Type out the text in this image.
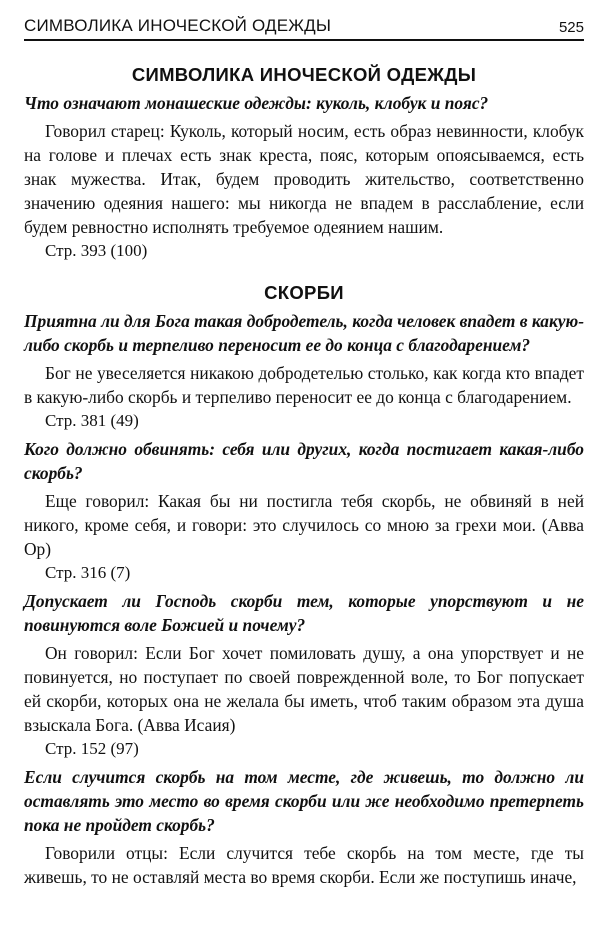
СИМВОЛИКА ИНОЧЕСКОЙ ОДЕЖДЫ	525
СИМВОЛИКА ИНОЧЕСКОЙ ОДЕЖДЫ

Что означают монашеские одежды: куколь, клобук и пояс?

Говорил старец: Куколь, который носим, есть образ невинности, клобук на голове и плечах есть знак креста, пояс, которым опоясываемся, есть знак мужества. Итак, будем проводить жительство, соответственно значению одеяния нашего: мы никогда не впадем в расслабление, если будем ревностно исполнять требуемое одеянием нашим.

Стр. 393 (100)

СКОРБИ

Приятна ли для Бога такая добродетель, когда человек впадет в какую-либо скорбь и терпеливо переносит ее до конца с благодарением?

Бог не увеселяется никакою добродетелью столько, как когда кто впадет в какую-либо скорбь и терпеливо переносит ее до конца с благодарением.

Стр. 381 (49)

Кого должно обвинять: себя или других, когда постигает какая-либо скорбь?

Еще говорил: Какая бы ни постигла тебя скорбь, не обвиняй в ней никого, кроме себя, и говори: это случилось со мною за грехи мои. (Авва Ор)

Стр. 316 (7)

Допускает ли Господь скорби тем, которые упорствуют и не повинуются воле Божией и почему?

Он говорил: Если Бог хочет помиловать душу, а она упорствует и не повинуется, но поступает по своей поврежденной воле, то Бог попускает ей скорби, которых она не желала бы иметь, чтоб таким образом эта душа взыскала Бога. (Авва Исаия)

Стр. 152 (97)

Если случится скорбь на том месте, где живешь, то должно ли оставлять это место во время скорби или же необходимо претерпеть пока не пройдет скорбь?

Говорили отцы: Если случится тебе скорбь на том месте, где ты живешь, то не оставляй места во время скорби. Если же поступишь иначе,
